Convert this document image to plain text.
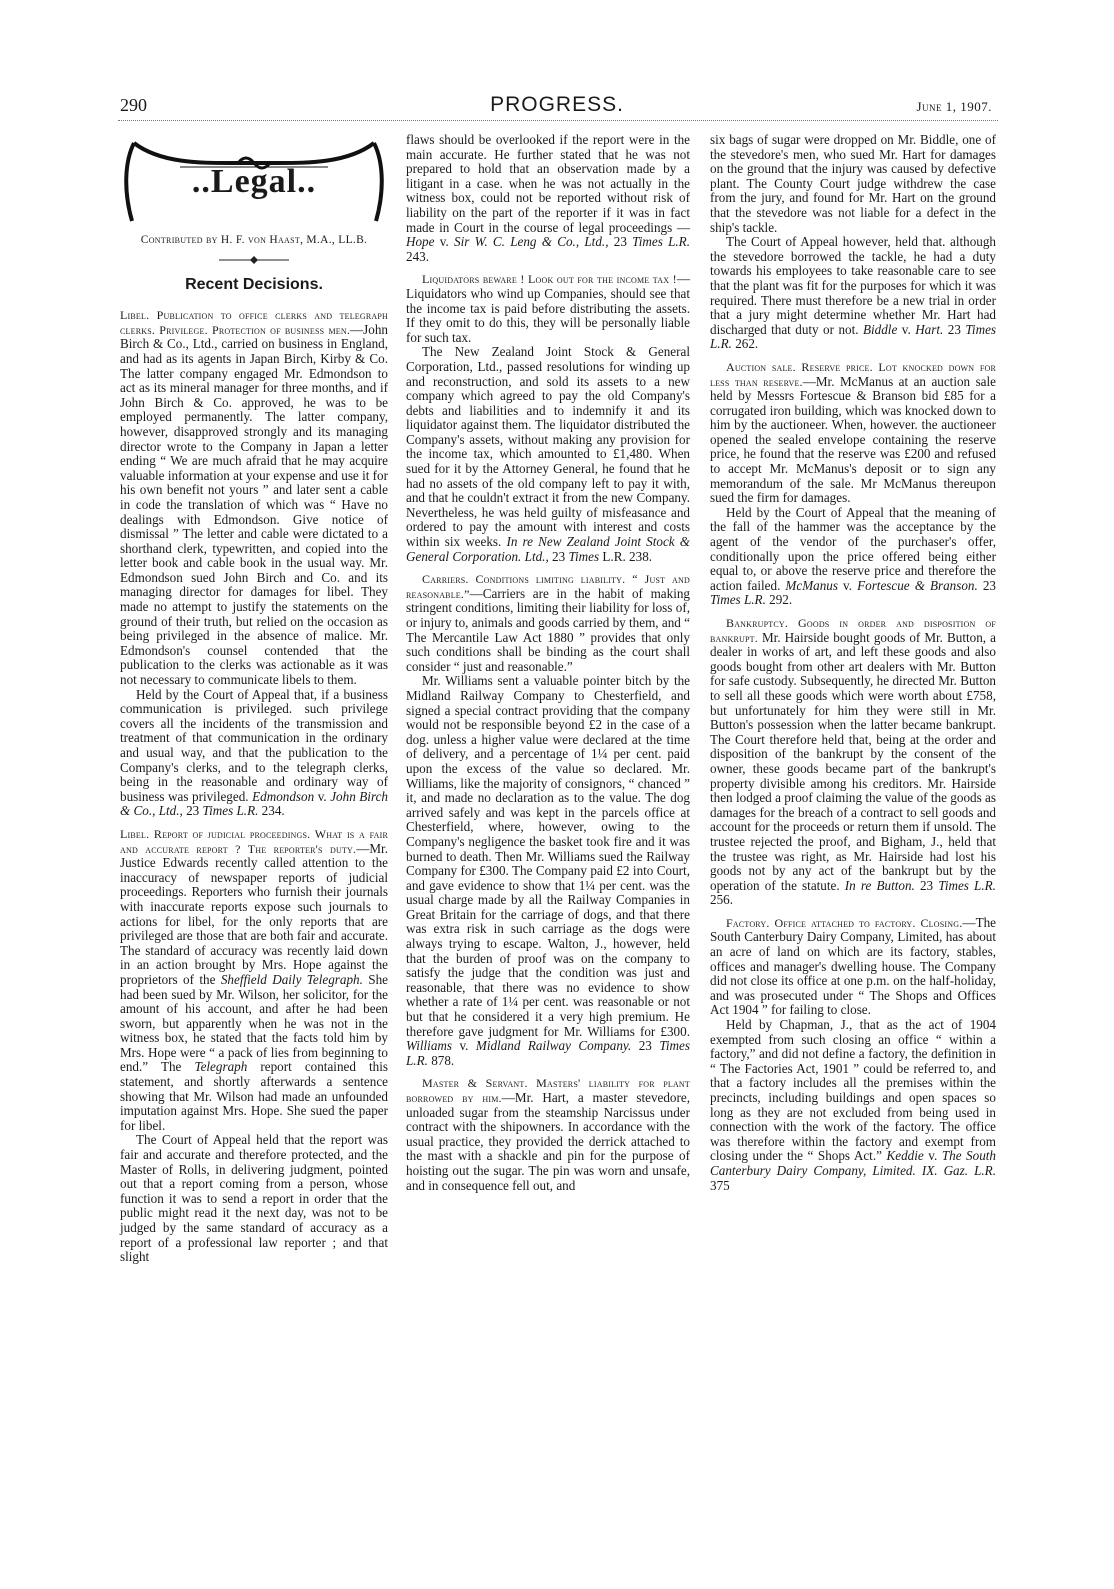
290	PROGRESS.	June 1, 1907.
..Legal..
Contributed by H. F. von Haast, M.A., LL.B.
Recent Decisions.

Libel. Publication to office clerks and telegraph clerks. Privilege. Protection of business men.—John Birch & Co., Ltd., carried on business in England, and had as its agents in Japan Birch, Kirby & Co. The latter company engaged Mr. Edmondson to act as its mineral manager for three months, and if John Birch & Co. approved, he was to be employed permanently. The latter company, however, disapproved strongly and its managing director wrote to the Company in Japan a letter ending “ We are much afraid that he may acquire valuable information at your expense and use it for his own benefit not yours ” and later sent a cable in code the translation of which was “ Have no dealings with Edmondson. Give notice of dismissal ” The letter and cable were dictated to a shorthand clerk, typewritten, and copied into the letter book and cable book in the usual way. Mr. Edmondson sued John Birch and Co. and its managing director for damages for libel. They made no attempt to justify the statements on the ground of their truth, but relied on the occasion as being privileged in the absence of malice. Mr. Edmondson's counsel contended that the publication to the clerks was actionable as it was not necessary to communicate libels to them.

Held by the Court of Appeal that, if a business communication is privileged. such privilege covers all the incidents of the transmission and treatment of that communication in the ordinary and usual way, and that the publication to the Company's clerks, and to the telegraph clerks, being in the reasonable and ordinary way of business was privileged. Edmondson v. John Birch & Co., Ltd., 23 Times L.R. 234.

Libel. Report of judicial proceedings. What is a fair and accurate report ? The reporter's duty.—Mr. Justice Edwards recently called attention to the inaccuracy of newspaper reports of judicial proceedings. Reporters who furnish their journals with inaccurate reports expose such journals to actions for libel, for the only reports that are privileged are those that are both fair and accurate. The standard of accuracy was recently laid down in an action brought by Mrs. Hope against the proprietors of the Sheffield Daily Telegraph. She had been sued by Mr. Wilson, her solicitor, for the amount of his account, and after he had been sworn, but apparently when he was not in the witness box, he stated that the facts told him by Mrs. Hope were “ a pack of lies from beginning to end.” The Telegraph report contained this statement, and shortly afterwards a sentence showing that Mr. Wilson had made an unfounded imputation against Mrs. Hope. She sued the paper for libel.

The Court of Appeal held that the report was fair and accurate and therefore protected, and the Master of Rolls, in delivering judgment, pointed out that a report coming from a person, whose function it was to send a report in order that the public might read it the next day, was not to be judged by the same standard of accuracy as a report of a professional law reporter ; and that slight

flaws should be overlooked if the report were in the main accurate. He further stated that he was not prepared to hold that an observation made by a litigant in a case. when he was not actually in the witness box, could not be reported without risk of liability on the part of the reporter if it was in fact made in Court in the course of legal proceedings — Hope v. Sir W. C. Leng & Co., Ltd., 23 Times L.R. 243.

Liquidators beware ! Look out for the income tax !—Liquidators who wind up Companies, should see that the income tax is paid before distributing the assets. If they omit to do this, they will be personally liable for such tax.

The New Zealand Joint Stock & General Corporation, Ltd., passed resolutions for winding up and reconstruction, and sold its assets to a new company which agreed to pay the old Company's debts and liabilities and to indemnify it and its liquidator against them. The liquidator distributed the Company's assets, without making any provision for the income tax, which amounted to £1,480. When sued for it by the Attorney General, he found that he had no assets of the old company left to pay it with, and that he couldn't extract it from the new Company. Nevertheless, he was held guilty of misfeasance and ordered to pay the amount with interest and costs within six weeks. In re New Zealand Joint Stock & General Corporation. Ltd., 23 Times L.R. 238.

Carriers. Conditions limiting liability. “ Just and reasonable.”—Carriers are in the habit of making stringent conditions, limiting their liability for loss of, or injury to, animals and goods carried by them, and “ The Mercantile Law Act 1880 ” provides that only such conditions shall be binding as the court shall consider “ just and reasonable.”

Mr. Williams sent a valuable pointer bitch by the Midland Railway Company to Chesterfield, and signed a special contract providing that the company would not be responsible beyond £2 in the case of a dog. unless a higher value were declared at the time of delivery, and a percentage of 1¼ per cent. paid upon the excess of the value so declared. Mr. Williams, like the majority of consignors, “ chanced ” it, and made no declaration as to the value. The dog arrived safely and was kept in the parcels office at Chesterfield, where, however, owing to the Company's negligence the basket took fire and it was burned to death. Then Mr. Williams sued the Railway Company for £300. The Company paid £2 into Court, and gave evidence to show that 1¼ per cent. was the usual charge made by all the Railway Companies in Great Britain for the carriage of dogs, and that there was extra risk in such carriage as the dogs were always trying to escape. Walton, J., however, held that the burden of proof was on the company to satisfy the judge that the condition was just and reasonable, that there was no evidence to show whether a rate of 1¼ per cent. was reasonable or not but that he considered it a very high premium. He therefore gave judgment for Mr. Williams for £300. Williams v. Midland Railway Company. 23 Times L.R. 878.

Master & Servant. Masters' liability for plant borrowed by him.—Mr. Hart, a master stevedore, unloaded sugar from the steamship Narcissus under contract with the shipowners. In accordance with the usual practice, they provided the derrick attached to the mast with a shackle and pin for the purpose of hoisting out the sugar. The pin was worn and unsafe, and in consequence fell out, and

six bags of sugar were dropped on Mr. Biddle, one of the stevedore's men, who sued Mr. Hart for damages on the ground that the injury was caused by defective plant. The County Court judge withdrew the case from the jury, and found for Mr. Hart on the ground that the stevedore was not liable for a defect in the ship's tackle.

The Court of Appeal however, held that. although the stevedore borrowed the tackle, he had a duty towards his employees to take reasonable care to see that the plant was fit for the purposes for which it was required. There must therefore be a new trial in order that a jury might determine whether Mr. Hart had discharged that duty or not. Biddle v. Hart. 23 Times L.R. 262.

Auction sale. Reserve price. Lot knocked down for less than reserve.—Mr. McManus at an auction sale held by Messrs Fortescue & Branson bid £85 for a corrugated iron building, which was knocked down to him by the auctioneer. When, however. the auctioneer opened the sealed envelope containing the reserve price, he found that the reserve was £200 and refused to accept Mr. McManus's deposit or to sign any memorandum of the sale. Mr McManus thereupon sued the firm for damages.

Held by the Court of Appeal that the meaning of the fall of the hammer was the acceptance by the agent of the vendor of the purchaser's offer, conditionally upon the price offered being either equal to, or above the reserve price and therefore the action failed. McManus v. Fortescue & Branson. 23 Times L.R. 292.

Bankruptcy. Goods in order and disposition of bankrupt. Mr. Hairside bought goods of Mr. Button, a dealer in works of art, and left these goods and also goods bought from other art dealers with Mr. Button for safe custody. Subsequently, he directed Mr. Button to sell all these goods which were worth about £758, but unfortunately for him they were still in Mr. Button's possession when the latter became bankrupt. The Court therefore held that, being at the order and disposition of the bankrupt by the consent of the owner, these goods became part of the bankrupt's property divisible among his creditors. Mr. Hairside then lodged a proof claiming the value of the goods as damages for the breach of a contract to sell goods and account for the proceeds or return them if unsold. The trustee rejected the proof, and Bigham, J., held that the trustee was right, as Mr. Hairside had lost his goods not by any act of the bankrupt but by the operation of the statute. In re Button. 23 Times L.R. 256.

Factory. Office attached to factory. Closing.—The South Canterbury Dairy Company, Limited, has about an acre of land on which are its factory, stables, offices and manager's dwelling house. The Company did not close its office at one p.m. on the half-holiday, and was prosecuted under “ The Shops and Offices Act 1904 ” for failing to close.

Held by Chapman, J., that as the act of 1904 exempted from such closing an office “ within a factory,” and did not define a factory, the definition in “ The Factories Act, 1901 ” could be referred to, and that a factory includes all the premises within the precincts, including buildings and open spaces so long as they are not excluded from being used in connection with the work of the factory. The office was therefore within the factory and exempt from closing under the “ Shops Act.” Keddie v. The South Canterbury Dairy Company, Limited. IX. Gaz. L.R. 375
